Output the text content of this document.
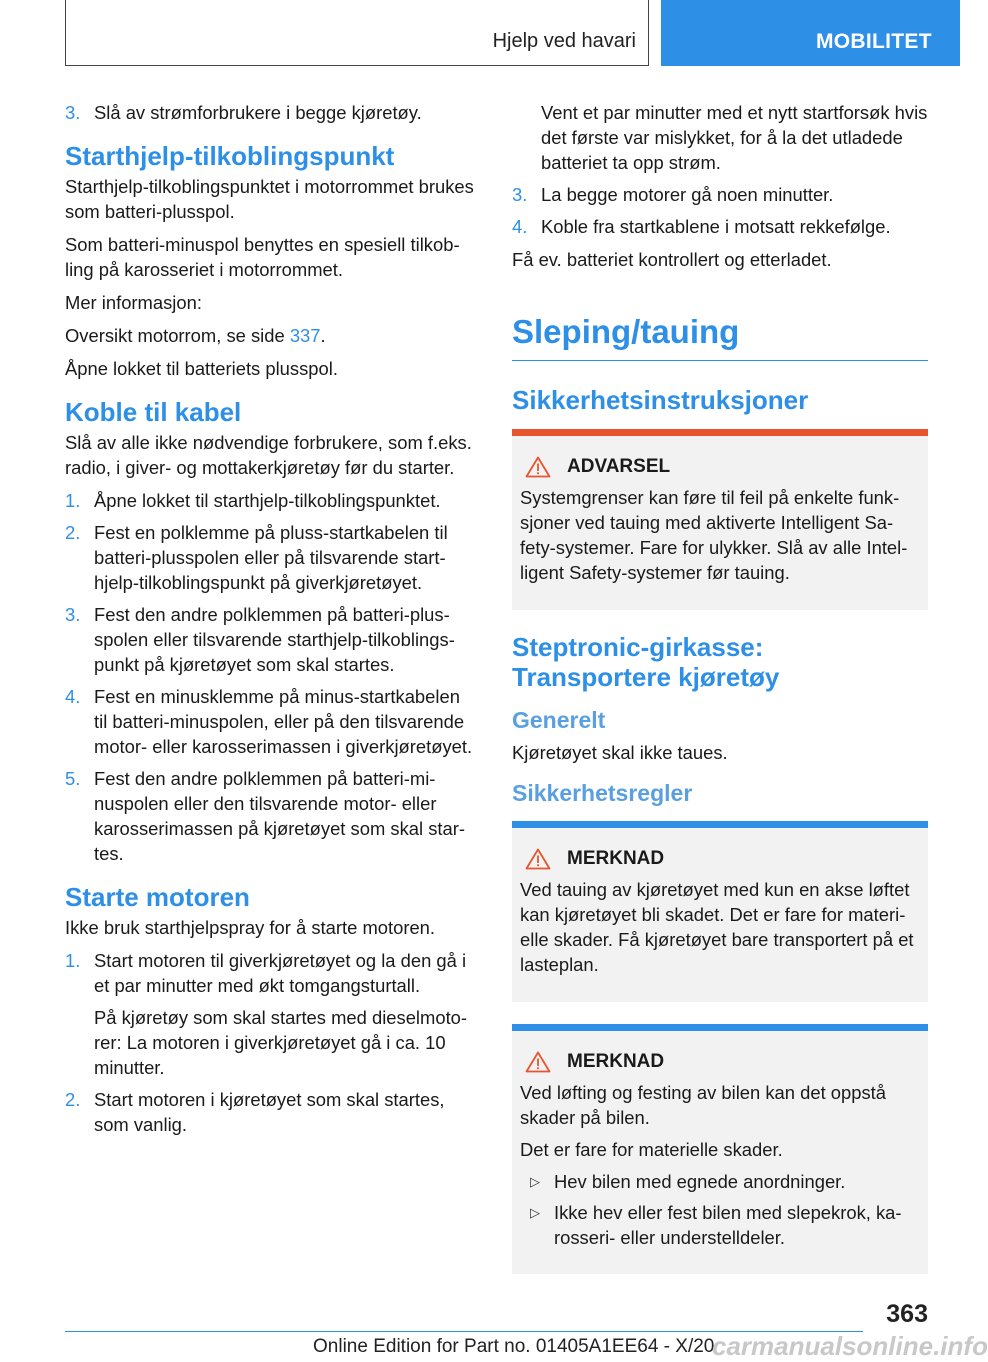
Hjelp ved havari	MOBILITET
3. Slå av strømforbrukere i begge kjøretøy.
Starthjelp-tilkoblingspunkt

Starthjelp-tilkoblingspunktet i motorrommet brukes som batteri-plusspol.

Som batteri-minuspol benyttes en spesiell tilkobling på karosseriet i motorrommet.

Mer informasjon:

Oversikt motorrom, se side 337.

Åpne lokket til batteriets plusspol.

Koble til kabel

Slå av alle ikke nødvendige forbrukere, som f.eks. radio, i giver- og mottakerkjøretøy før du starter.

1. Åpne lokket til starthjelp-tilkoblingspunktet.
2. Fest en polklemme på pluss-startkabelen til batteri-plusspolen eller på tilsvarende starthjelp-tilkoblingspunkt på giverkjøretøyet.
3. Fest den andre polklemmen på batteri-plusspolen eller tilsvarende starthjelp-tilkoblingspunkt på kjøretøyet som skal startes.
4. Fest en minusklemme på minus-startkabelen til batteri-minuspolen, eller på den tilsvarende motor- eller karosserimassen i giverkjøretøyet.
5. Fest den andre polklemmen på batteri-minuspolen eller den tilsvarende motor- eller karosserimassen på kjøretøyet som skal startes.
Starte motoren

Ikke bruk starthjelpspray for å starte motoren.

1. Start motoren til giverkjøretøyet og la den gå i et par minutter med økt tomgangsturtall.
På kjøretøy som skal startes med dieselmotorer: La motoren i giverkjøretøyet gå i ca. 10 minutter.
2. Start motoren i kjøretøyet som skal startes, som vanlig.
Vent et par minutter med et nytt startforsøk hvis det første var mislykket, for å la det utladede batteriet ta opp strøm.
3. La begge motorer gå noen minutter.
4. Koble fra startkablene i motsatt rekkefølge.

Få ev. batteriet kontrollert og etterladet.

Sleping/tauing
Sikkerhetsinstruksjoner
ADVARSEL

Systemgrenser kan føre til feil på enkelte funksjoner ved tauing med aktiverte Intelligent Safety-systemer. Fare for ulykker. Slå av alle Intelligent Safety-systemer før tauing.

Steptronic-girkasse: Transportere kjøretøy
Generelt

Kjøretøyet skal ikke taues.

Sikkerhetsregler
MERKNAD

Ved tauing av kjøretøyet med kun en akse løftet kan kjøretøyet bli skadet. Det er fare for materielle skader. Få kjøretøyet bare transportert på et lasteplan.

MERKNAD

Ved løfting og festing av bilen kan det oppstå skader på bilen.

Det er fare for materielle skader.

▷ Hev bilen med egnede anordninger.
▷ Ikke hev eller fest bilen med slepekrok, karosseri- eller understelldeler.
363
Online Edition for Part no. 01405A1EE64 - X/20
carmanualsonline.info
